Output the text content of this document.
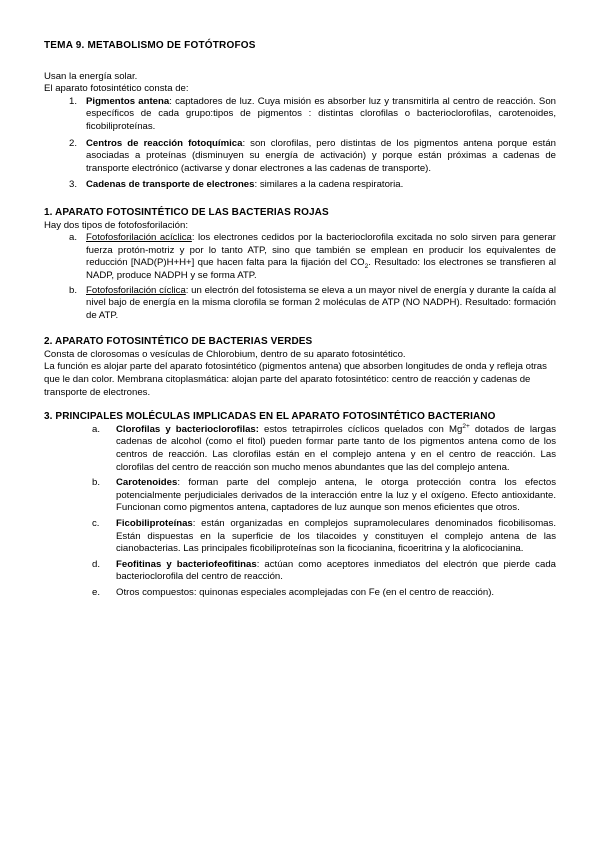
TEMA 9. METABOLISMO DE FOTÓTROFOS

Usan la energía solar.

El aparato fotosintético consta de:

1. Pigmentos antena: captadores de luz. Cuya misión es absorber luz y transmitirla al centro de reacción. Son específicos de cada grupo:tipos de pigmentos : distintas clorofilas o bacterioclorofilas, carotenoides, ficobiliproteínas.
2. Centros de reacción fotoquímica: son clorofilas, pero distintas de los pigmentos antena porque están asociadas a proteínas (disminuyen su energía de activación) y porque están próximas a cadenas de transporte electrónico (activarse y donar electrones a las cadenas de transporte).
3. Cadenas de transporte de electrones: similares a la cadena respiratoria.
1. APARATO FOTOSINTÉTICO DE LAS BACTERIAS ROJAS

Hay dos tipos de fotofosforilación:

a. Fotofosforilación acíclica: los electrones cedidos por la bacterioclorofila excitada no solo sirven para generar fuerza protón-motriz y por lo tanto ATP, sino que también se emplean en producir los equivalentes de reducción [NAD(P)H+H+] que hacen falta para la fijación del $CO_2$. Resultado: los electrones se transfieren al NADP, produce NADPH y se forma ATP.
b. Fotofosforilación cíclica: un electrón del fotosistema se eleva a un mayor nivel de energía y durante la caída al nivel bajo de energía en la misma clorofila se forman 2 moléculas de ATP (NO NADPH). Resultado: formación de ATP.
2. APARATO FOTOSINTÉTICO DE BACTERIAS VERDES

Consta de clorosomas o vesículas de Chlorobium, dentro de su aparato fotosintético.

La función es alojar parte del aparato fotosintético (pigmentos antena) que absorben longitudes de onda y refleja otras que le dan color. Membrana citoplasmática: alojan parte del aparato fotosintético: centro de reacción y cadenas de transporte de electrones.

3. PRINCIPALES MOLÉCULAS IMPLICADAS EN EL APARATO FOTOSINTÉTICO BACTERIANO
a. Clorofilas y bacterioclorofilas: estos tetrapirroles cíclicos quelados con $Mg^{2+}$ dotados de largas cadenas de alcohol (como el fitol) pueden formar parte tanto de los pigmentos antena como de los centros de reacción. Las clorofilas están en el complejo antena y en el centro de reacción. Las clorofilas del centro de reacción son mucho menos abundantes que las del complejo antena.
b. Carotenoides: forman parte del complejo antena, le otorga protección contra los efectos potencialmente perjudiciales derivados de la interacción entre la luz y el oxígeno. Efecto antioxidante. Funcionan como pigmentos antena, captadores de luz aunque son menos eficientes que otros.
c. Ficobiliproteínas: están organizadas en complejos supramoleculares denominados ficobilisomas. Están dispuestas en la superficie de los tilacoides y constituyen el complejo antena de las cianobacterias. Las principales ficobiliproteínas son la ficocianina, ficoeritrina y la aloficocianina.
d. Feofitinas y bacteriofeofitinas: actúan como aceptores inmediatos del electrón que pierde cada bacterioclorofila del centro de reacción.
e. Otros compuestos: quinonas especiales acomplejadas con Fe (en el centro de reacción).
